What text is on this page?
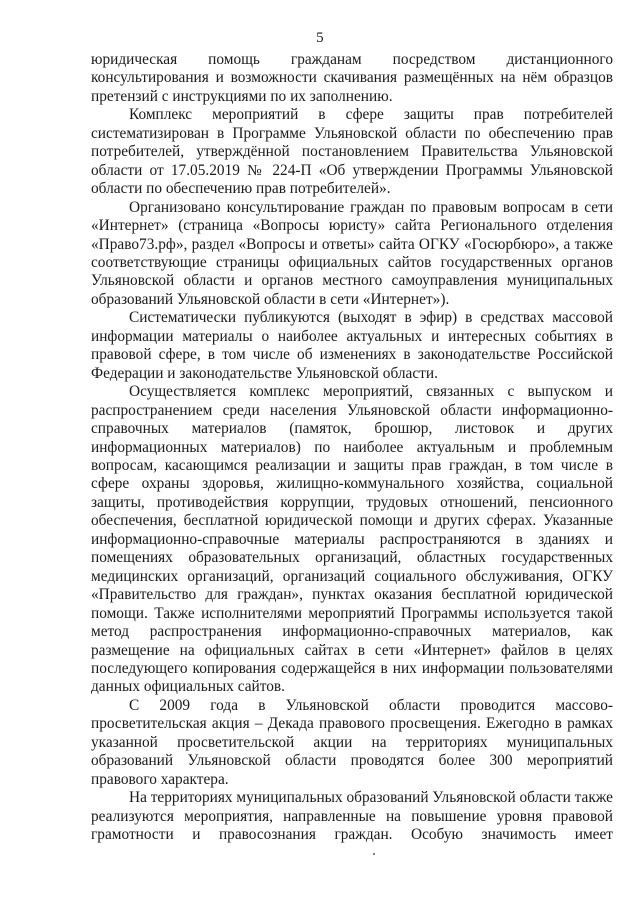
5

юридическая помощь гражданам посредством дистанционного консультирования и возможности скачивания размещённых на нём образцов претензий с инструкциями по их заполнению.

Комплекс мероприятий в сфере защиты прав потребителей систематизирован в Программе Ульяновской области по обеспечению прав потребителей, утверждённой постановлением Правительства Ульяновской области от 17.05.2019 № 224-П «Об утверждении Программы Ульяновской области по обеспечению прав потребителей».

Организовано консультирование граждан по правовым вопросам в сети «Интернет» (страница «Вопросы юристу» сайта Регионального отделения «Право73.рф», раздел «Вопросы и ответы» сайта ОГКУ «Госюрбюро», а также соответствующие страницы официальных сайтов государственных органов Ульяновской области и органов местного самоуправления муниципальных образований Ульяновской области в сети «Интернет»).

Систематически публикуются (выходят в эфир) в средствах массовой информации материалы о наиболее актуальных и интересных событиях в правовой сфере, в том числе об изменениях в законодательстве Российской Федерации и законодательстве Ульяновской области.

Осуществляется комплекс мероприятий, связанных с выпуском и распространением среди населения Ульяновской области информационно-справочных материалов (памяток, брошюр, листовок и других информационных материалов) по наиболее актуальным и проблемным вопросам, касающимся реализации и защиты прав граждан, в том числе в сфере охраны здоровья, жилищно-коммунального хозяйства, социальной защиты, противодействия коррупции, трудовых отношений, пенсионного обеспечения, бесплатной юридической помощи и других сферах. Указанные информационно-справочные материалы распространяются в зданиях и помещениях образовательных организаций, областных государственных медицинских организаций, организаций социального обслуживания, ОГКУ «Правительство для граждан», пунктах оказания бесплатной юридической помощи. Также исполнителями мероприятий Программы используется такой метод распространения информационно-справочных материалов, как размещение на официальных сайтах в сети «Интернет» файлов в целях последующего копирования содержащейся в них информации пользователями данных официальных сайтов.

С 2009 года в Ульяновской области проводится массово-просветительская акция – Декада правового просвещения. Ежегодно в рамках указанной просветительской акции на территориях муниципальных образований Ульяновской области проводятся более 300 мероприятий правового характера.

На территориях муниципальных образований Ульяновской области также реализуются мероприятия, направленные на повышение уровня правовой грамотности и правосознания граждан. Особую значимость имеет
